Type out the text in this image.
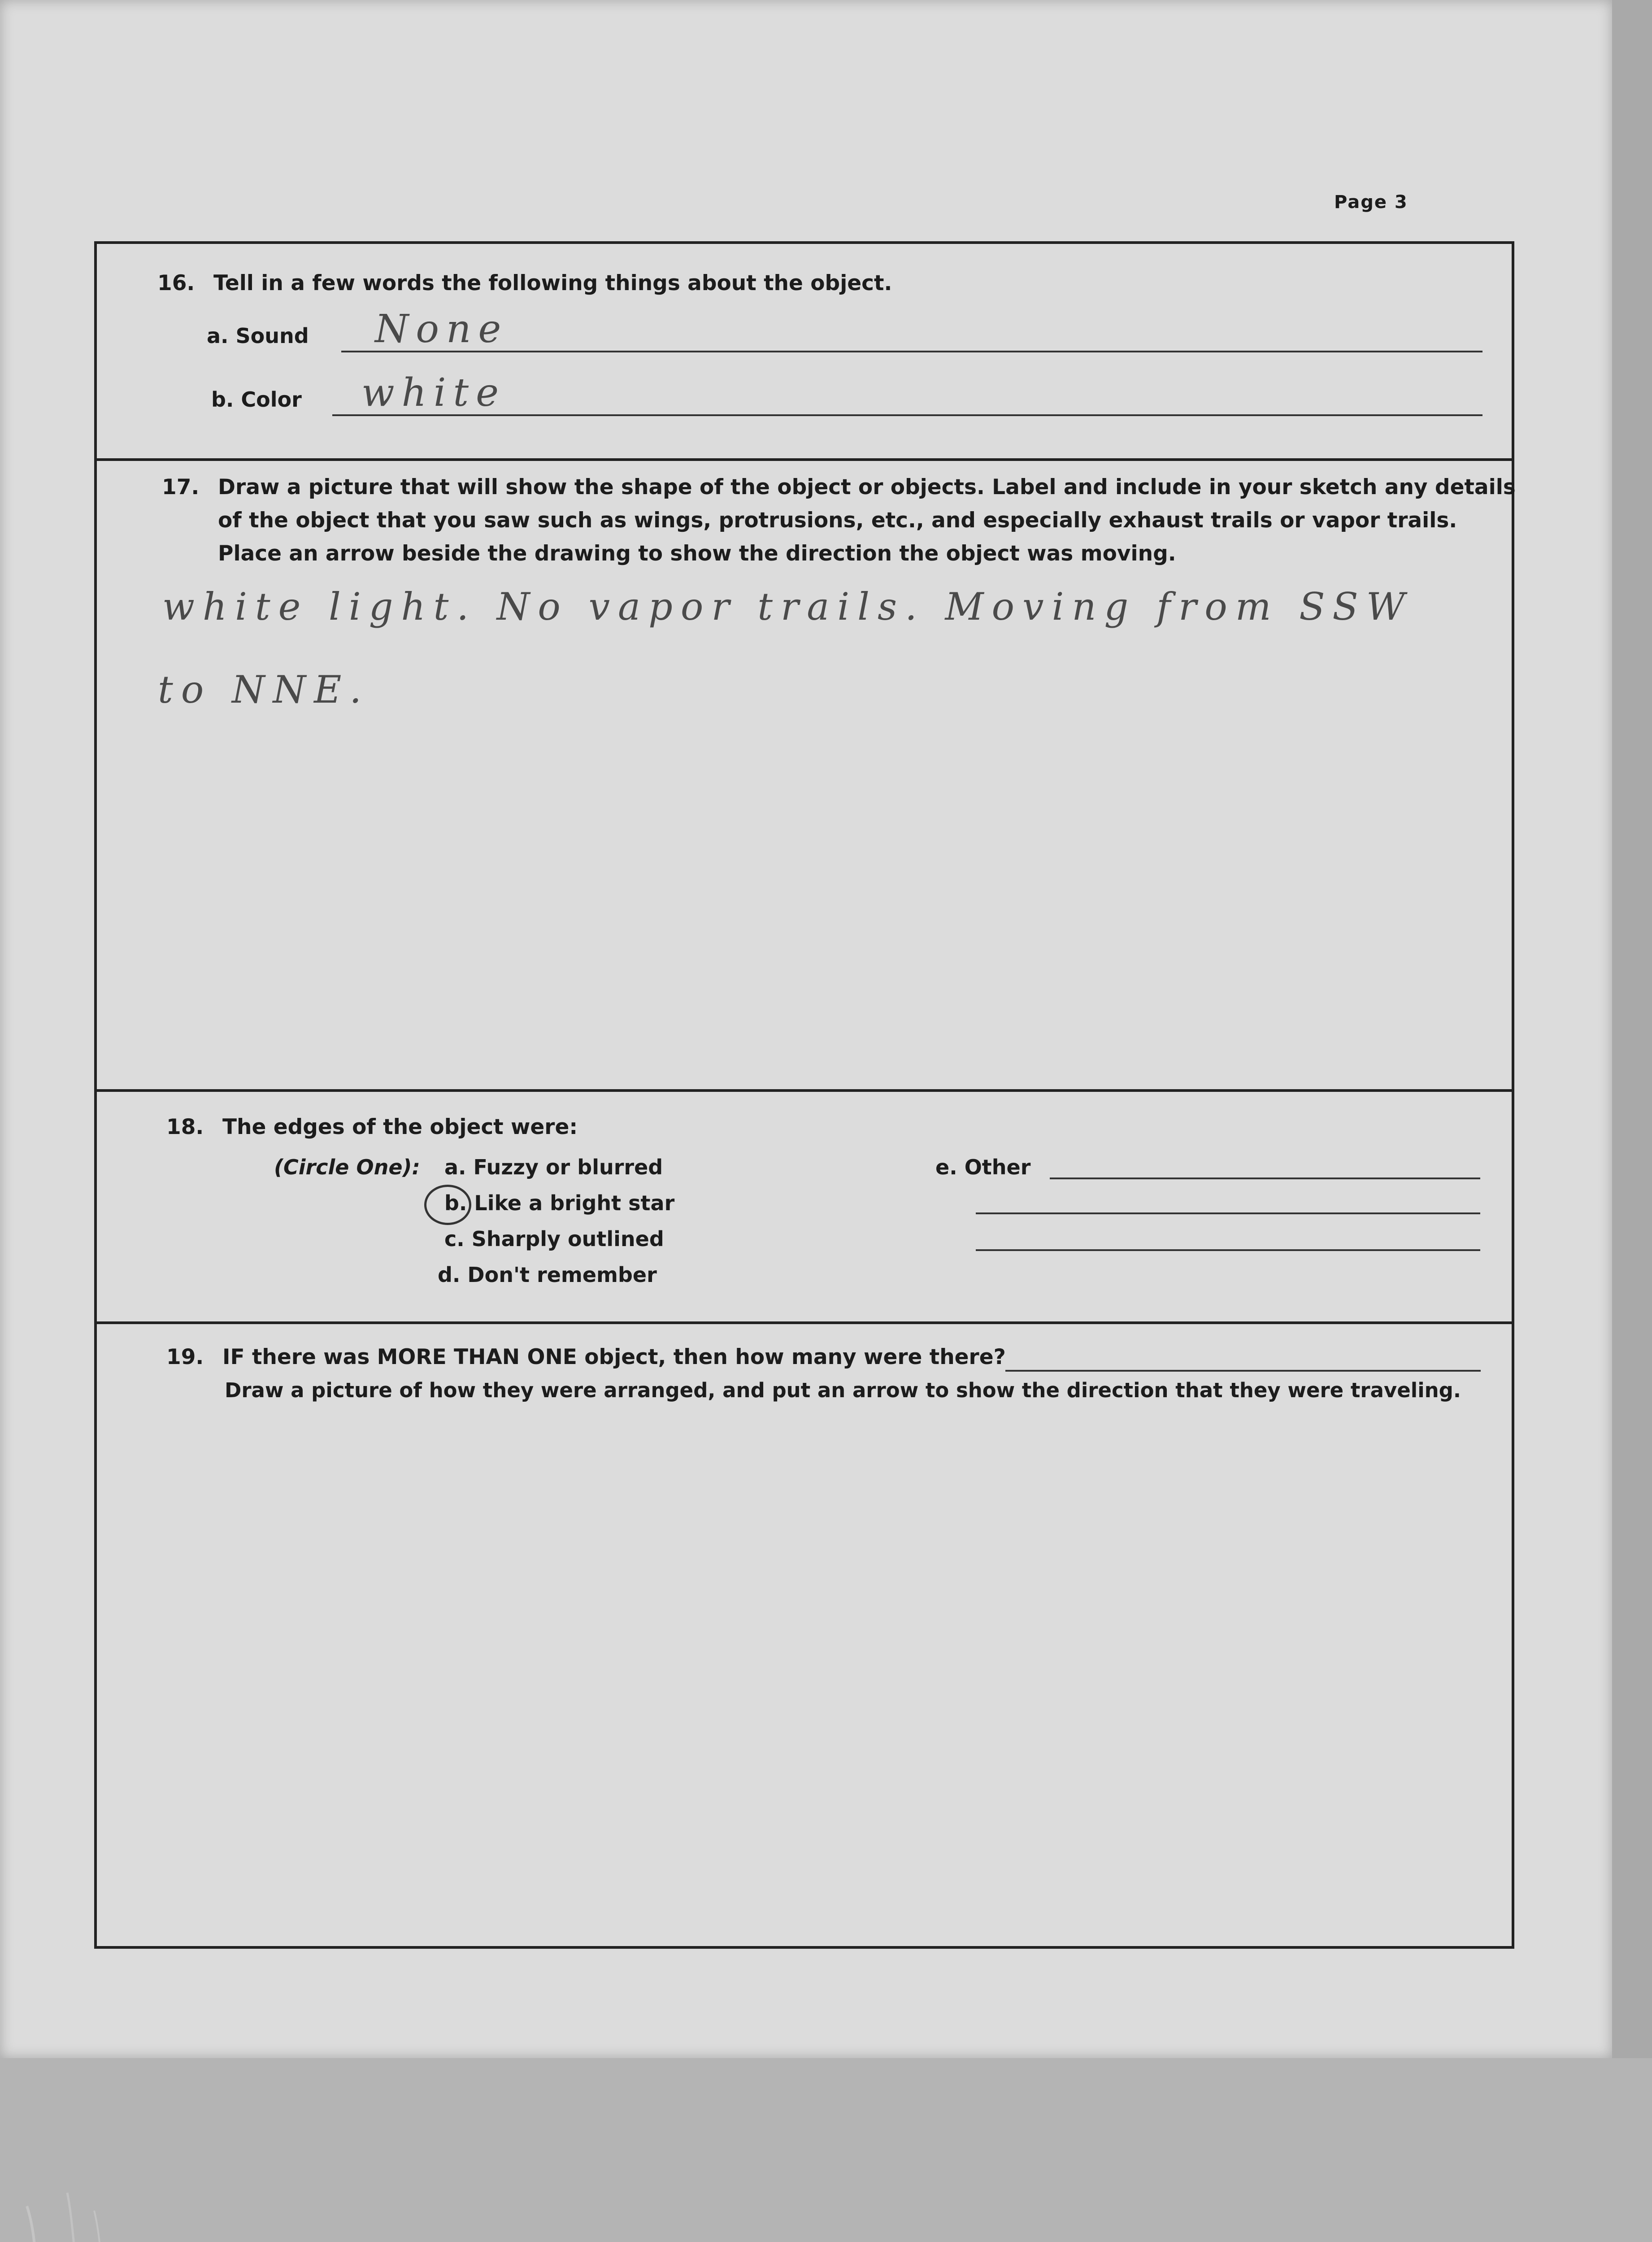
Page 3
16. Tell in a few words the following things about the object.
a. Sound None
b. Color white
17. Draw a picture that will show the shape of the object or objects. Label and include in your sketch any details
of the object that you saw such as wings, protrusions, etc., and especially exhaust trails or vapor trails.
Place an arrow beside the drawing to show the direction the object was moving.
white light. No vapor trails. Moving from SSW
to NNE.
18. The edges of the object were:
(Circle One): a. Fuzzy or blurred
b. Like a bright star
c. Sharply outlined
d. Don't remember
e. Other
19. IF there was MORE THAN ONE object, then how many were there?
Draw a picture of how they were arranged, and put an arrow to show the direction that they were traveling.
